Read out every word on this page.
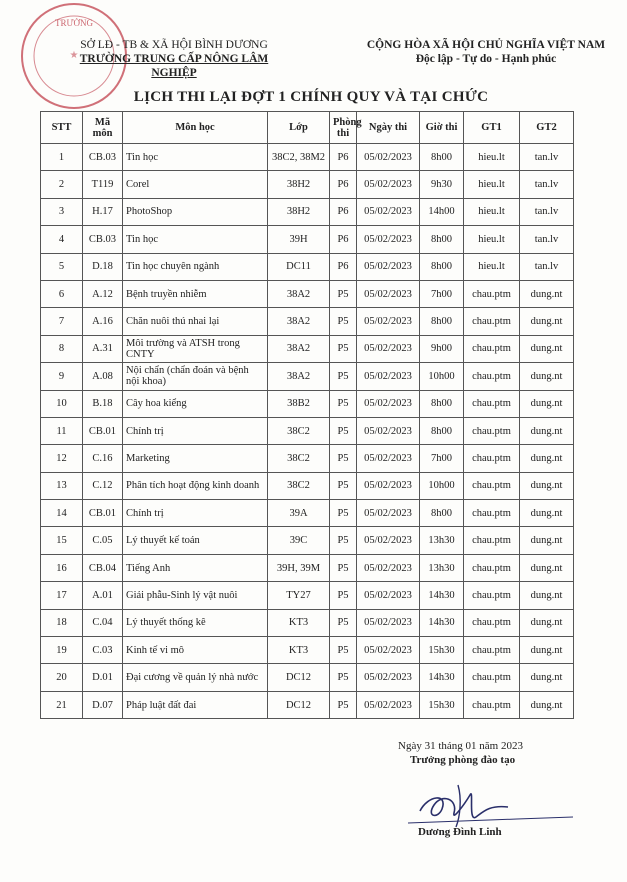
TRƯỜNG
★
SỞ LĐ - TB & XÃ HỘI BÌNH DƯƠNG
TRƯỜNG TRUNG CẤP NÔNG LÂM NGHIỆP
CỘNG HÒA XÃ HỘI CHỦ NGHĨA VIỆT NAM
Độc lập - Tự do - Hạnh phúc
LỊCH THI LẠI ĐỢT 1 CHÍNH QUY VÀ TẠI CHỨC
STT	Mã môn	Môn học	Lớp	Phòng thi	Ngày thi	Giờ thi	GT1	GT2
1	CB.03	Tin học	38C2, 38M2	P6	05/02/2023	8h00	hieu.lt	tan.lv
2	T119	Corel	38H2	P6	05/02/2023	9h30	hieu.lt	tan.lv
3	H.17	PhotoShop	38H2	P6	05/02/2023	14h00	hieu.lt	tan.lv
4	CB.03	Tin học	39H	P6	05/02/2023	8h00	hieu.lt	tan.lv
5	D.18	Tin học chuyên ngành	DC11	P6	05/02/2023	8h00	hieu.lt	tan.lv
6	A.12	Bệnh truyền nhiễm	38A2	P5	05/02/2023	7h00	chau.ptm	dung.nt
7	A.16	Chăn nuôi thú nhai lại	38A2	P5	05/02/2023	8h00	chau.ptm	dung.nt
8	A.31	Môi trường và ATSH trong CNTY	38A2	P5	05/02/2023	9h00	chau.ptm	dung.nt
9	A.08	Nội chẩn (chẩn đoán và bệnh nội khoa)	38A2	P5	05/02/2023	10h00	chau.ptm	dung.nt
10	B.18	Cây hoa kiểng	38B2	P5	05/02/2023	8h00	chau.ptm	dung.nt
11	CB.01	Chính trị	38C2	P5	05/02/2023	8h00	chau.ptm	dung.nt
12	C.16	Marketing	38C2	P5	05/02/2023	7h00	chau.ptm	dung.nt
13	C.12	Phân tích hoạt động kinh doanh	38C2	P5	05/02/2023	10h00	chau.ptm	dung.nt
14	CB.01	Chính trị	39A	P5	05/02/2023	8h00	chau.ptm	dung.nt
15	C.05	Lý thuyết kế toán	39C	P5	05/02/2023	13h30	chau.ptm	dung.nt
16	CB.04	Tiếng Anh	39H, 39M	P5	05/02/2023	13h30	chau.ptm	dung.nt
17	A.01	Giải phẫu-Sinh lý vật nuôi	TY27	P5	05/02/2023	14h30	chau.ptm	dung.nt
18	C.04	Lý thuyết thống kê	KT3	P5	05/02/2023	14h30	chau.ptm	dung.nt
19	C.03	Kinh tế vi mô	KT3	P5	05/02/2023	15h30	chau.ptm	dung.nt
20	D.01	Đại cương về quản lý nhà nước	DC12	P5	05/02/2023	14h30	chau.ptm	dung.nt
21	D.07	Pháp luật đất đai	DC12	P5	05/02/2023	15h30	chau.ptm	dung.nt
Ngày 31 tháng 01 năm 2023
Trưởng phòng đào tạo
Dương Đình Linh
